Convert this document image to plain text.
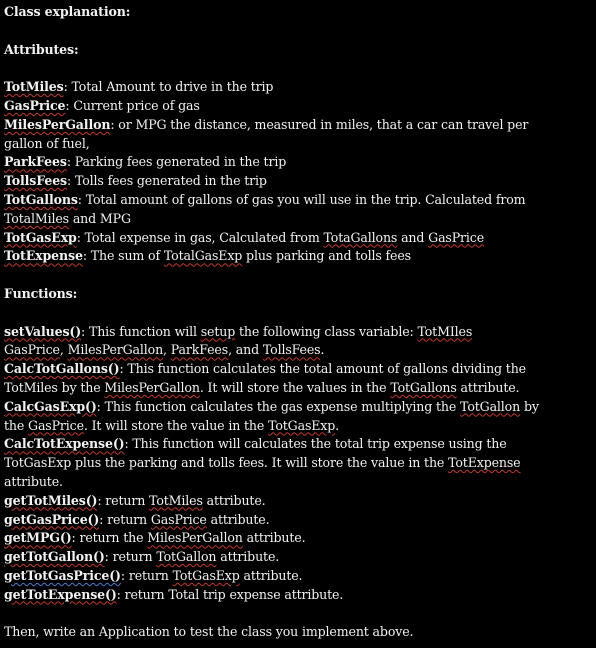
Class explanation:
Attributes:
TotMiles: Total Amount to drive in the trip
GasPrice: Current price of gas
MilesPerGallon: or MPG the distance, measured in miles, that a car can travel per
gallon of fuel,
ParkFees: Parking fees generated in the trip
TollsFees: Tolls fees generated in the trip
TotGallons: Total amount of gallons of gas you will use in the trip. Calculated from
TotalMiles and MPG
TotGasExp: Total expense in gas, Calculated from TotaGallons and GasPrice
TotExpense: The sum of TotalGasExp plus parking and tolls fees
Functions:
setValues(): This function will setup the following class variable: TotMIles
GasPrice, MilesPerGallon, ParkFees, and TollsFees.
CalcTotGallons(): This function calculates the total amount of gallons dividing the
TotMiles by the MilesPerGallon. It will store the values in the TotGallons attribute.
CalcGasExp(): This function calculates the gas expense multiplying the TotGallon by
the GasPrice. It will store the value in the TotGasExp.
CalcTotExpense(): This function will calculates the total trip expense using the
TotGasExp plus the parking and tolls fees. It will store the value in the TotExpense
attribute.
getTotMiles(): return TotMiles attribute.
getGasPrice(): return GasPrice attribute.
getMPG(): return the MilesPerGallon attribute.
getTotGallon(): return TotGallon attribute.
getTotGasPrice(): return TotGasExp attribute.
getTotExpense(): return Total trip expense attribute.
Then, write an Application to test the class you implement above.
